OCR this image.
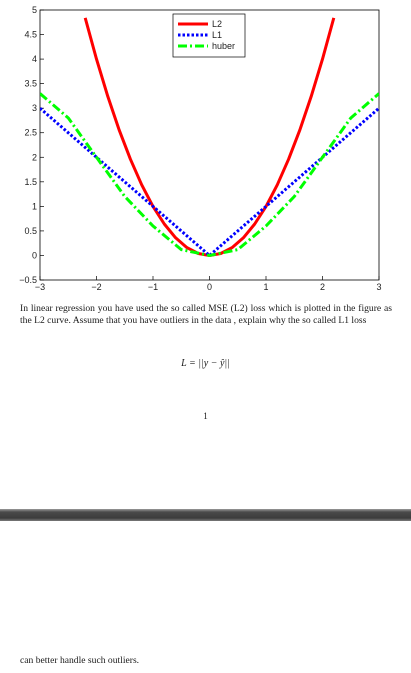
−0.5
0
0.5
1
1.5
2
2.5
3
3.5
4
4.5
5
−3	−2	−1	0	1	2	3
L2
L1
huber
In linear regression you have used the so called MSE (L2) loss which is plotted in the figure as the L2 curve. Assume that you have outliers in the data , explain why the so called L1 loss
L = ||y − ŷ||
1
can better handle such outliers.
